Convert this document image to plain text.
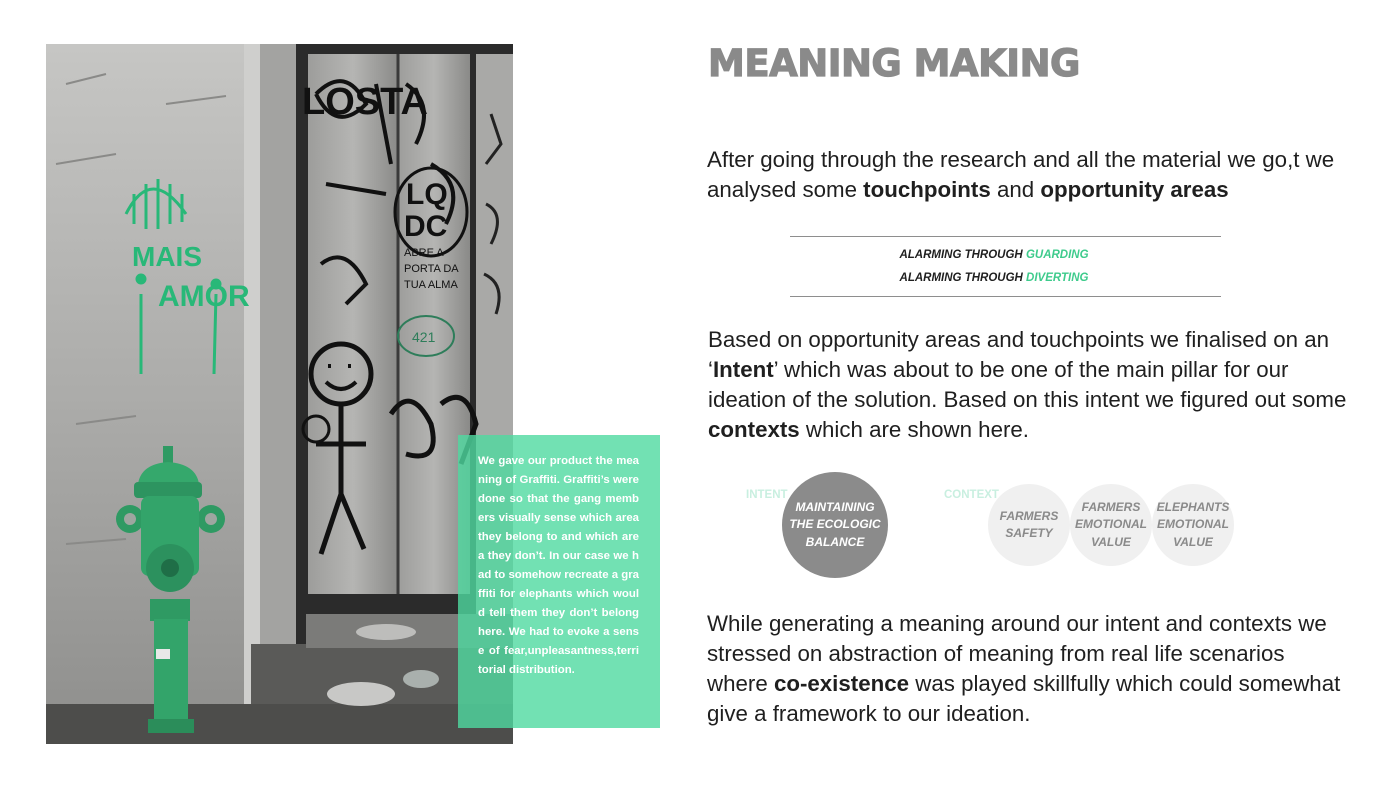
MAIS
AMOR
LOSTA
LQ
DC
ABRE A
PORTA DA
TUA ALMA
421

We gave our product the meaning of Graffiti. Graffiti’s were done so that the gang members visually sense which area they belong to and which area they don’t. In our case we had to somehow recreate a graffiti for elephants which would tell them they don’t belong here. We had to evoke a sense of fear,unpleasantness,territorial distribution.

MEANING MAKING

After going through the research and all the material we go,t we analysed some touchpoints and opportunity areas

ALARMING THROUGH GUARDING

ALARMING THROUGH DIVERTING

Based on opportunity areas and touchpoints we finalised on an ‘Intent’ which was about to be one of the main pillar for our ideation of the solution. Based on this intent we figured out some contexts which are shown here.

INTENT

MAINTAINING
THE ECOLOGIC
BALANCE

CONTEXT

FARMERS
SAFETY
FARMERS
EMOTIONAL
VALUE
ELEPHANTS
EMOTIONAL
VALUE

While generating a meaning around our intent and contexts we stressed on abstraction of meaning from real life scenarios where co-existence was played skillfully which could somewhat give a framework to our ideation.
